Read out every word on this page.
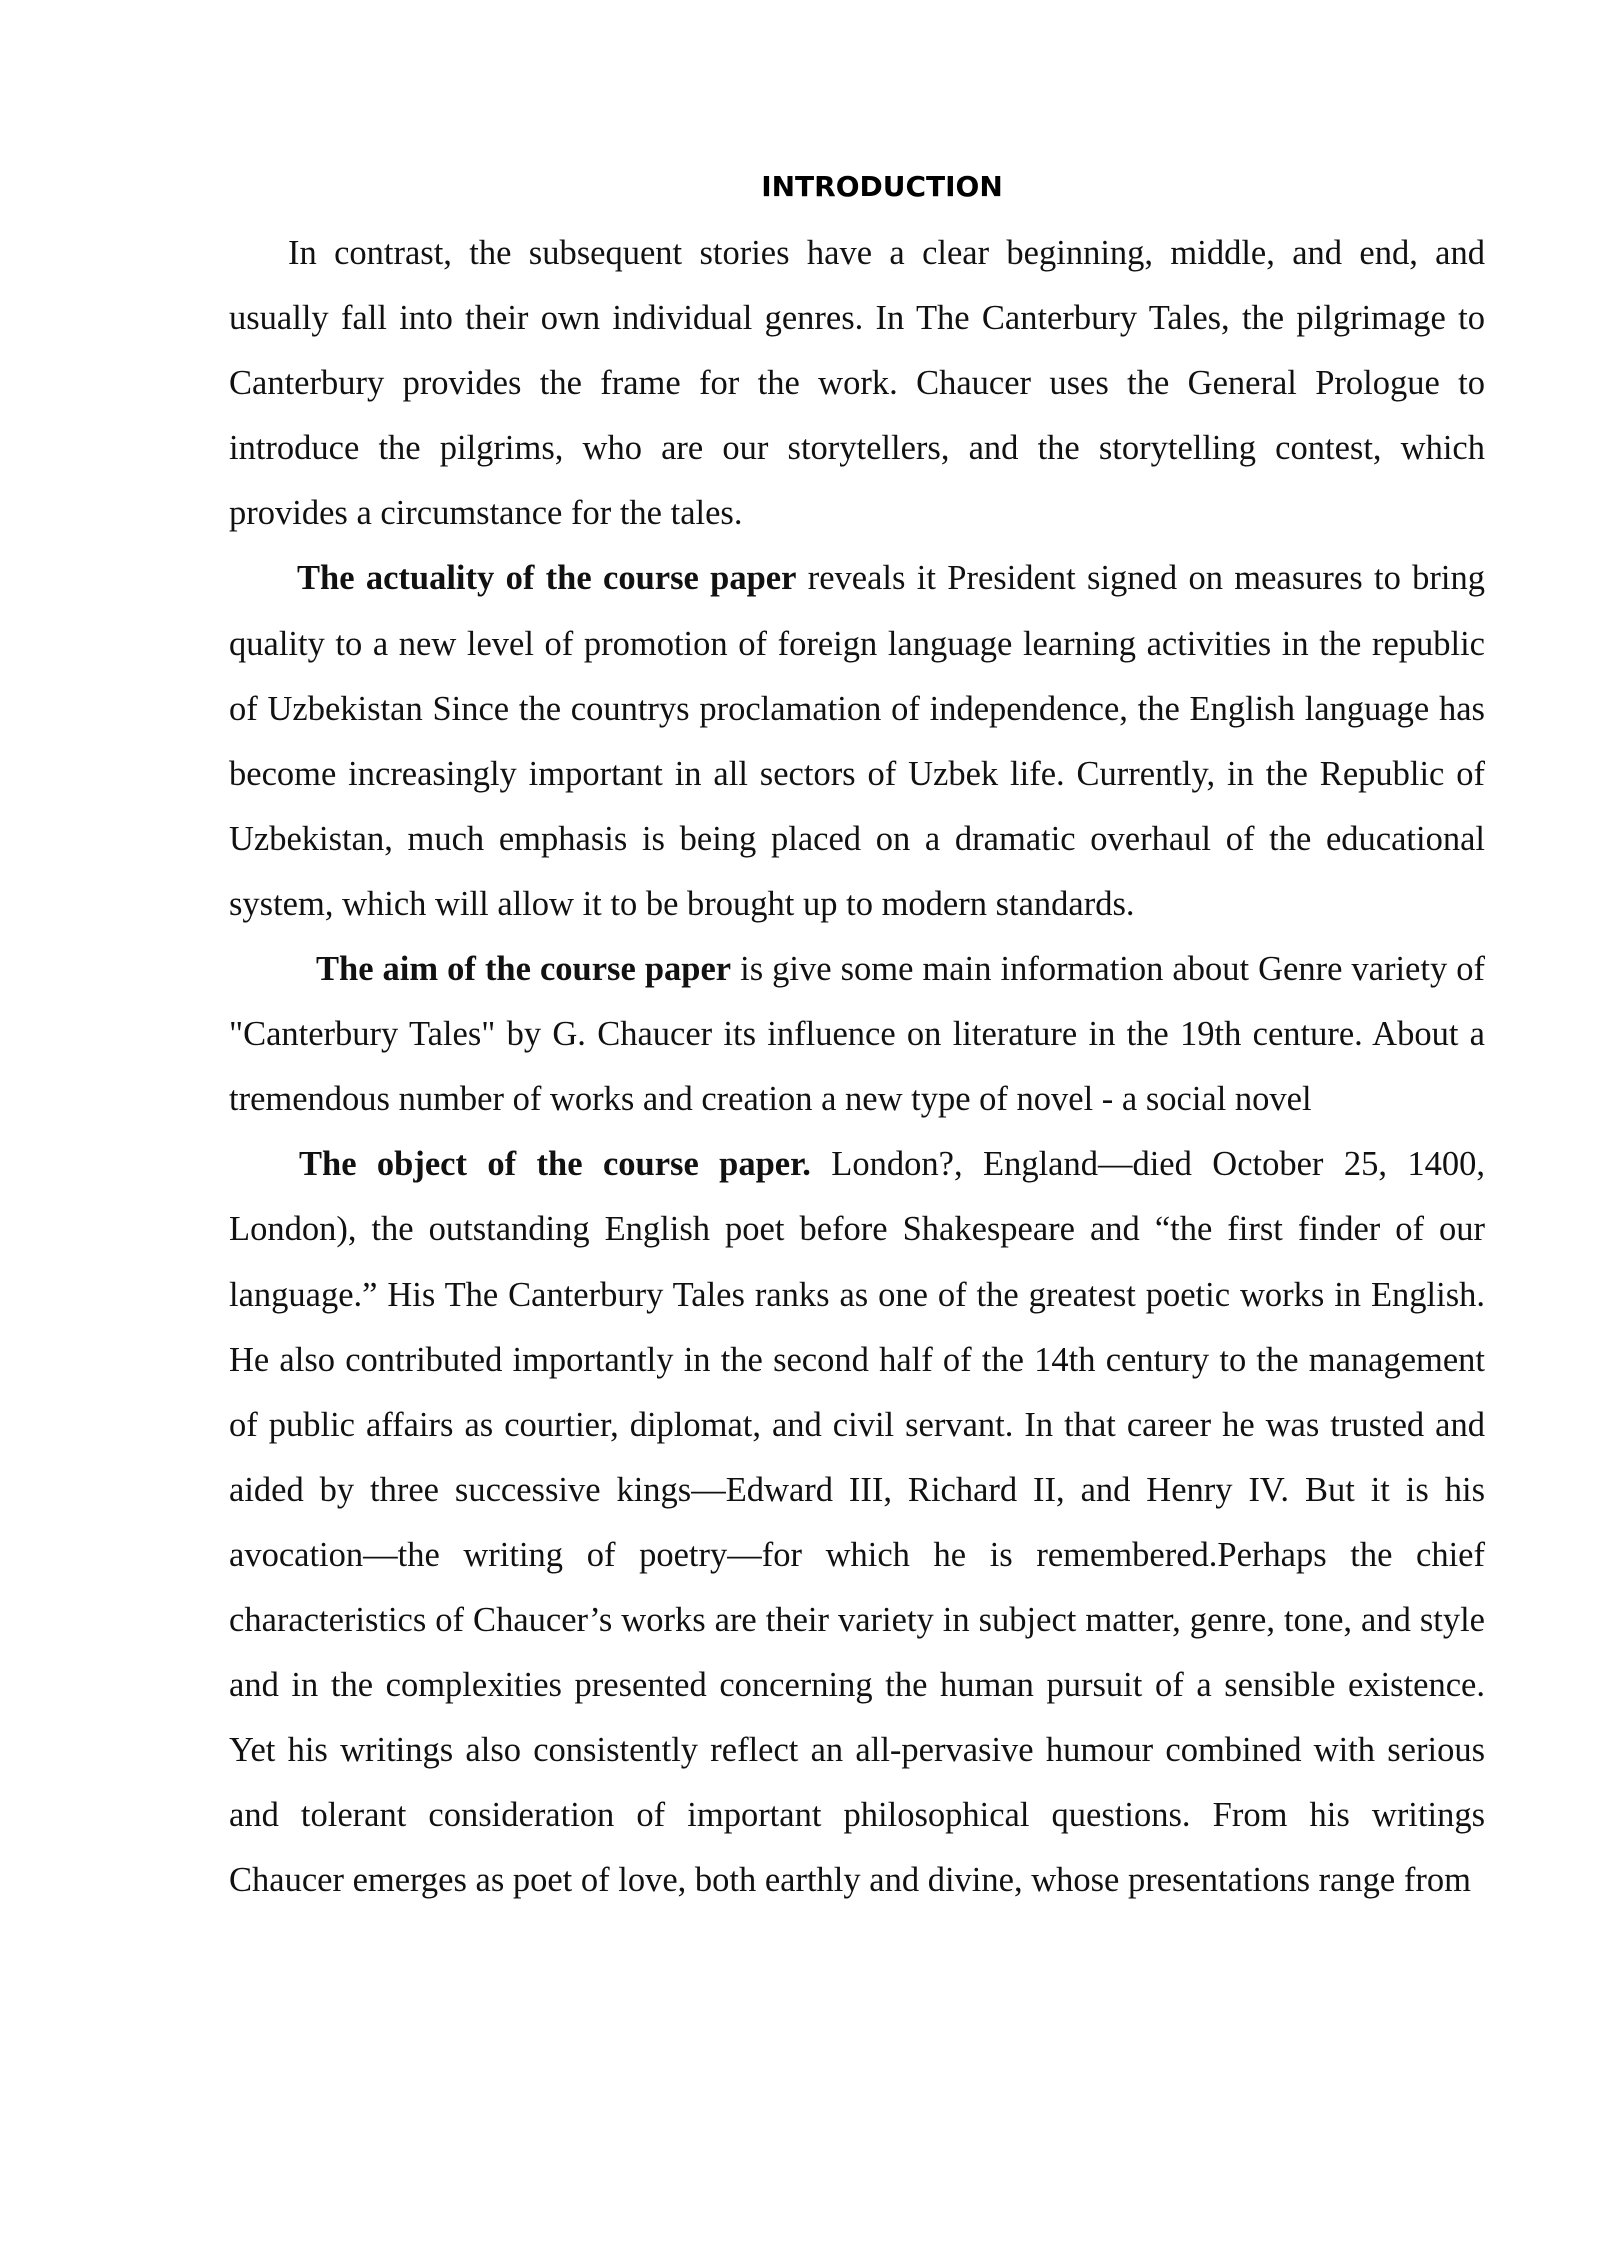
INTRODUCTION

In contrast, the subsequent stories have a clear beginning, middle, and end, and usually fall into their own individual genres. In The Canterbury Tales, the pilgrimage to Canterbury provides the frame for the work. Chaucer uses the General Prologue to introduce the pilgrims, who are our storytellers, and the storytelling contest, which provides a circumstance for the tales.

The actuality of the course paper reveals it President signed on measures to bring quality to a new level of promotion of foreign language learning activities in the republic of Uzbekistan Since the countrys proclamation of independence, the English language has become increasingly important in all sectors of Uzbek life. Currently, in the Republic of Uzbekistan, much emphasis is being placed on a dramatic overhaul of the educational system, which will allow it to be brought up to modern standards.

The aim of the course paper is give some main information about Genre variety of "Canterbury Tales" by G. Chaucer its influence on literature in the 19th centure. About a tremendous number of works and creation a new type of novel - a social novel

The object of the course paper. London?, England—died October 25, 1400, London), the outstanding English poet before Shakespeare and “the first finder of our language.” His The Canterbury Tales ranks as one of the greatest poetic works in English. He also contributed importantly in the second half of the 14th century to the management of public affairs as courtier, diplomat, and civil servant. In that career he was trusted and aided by three successive kings—Edward III, Richard II, and Henry IV. But it is his avocation—the writing of poetry—for which he is remembered.Perhaps the chief characteristics of Chaucer’s works are their variety in subject matter, genre, tone, and style and in the complexities presented concerning the human pursuit of a sensible existence. Yet his writings also consistently reflect an all-pervasive humour combined with serious and tolerant consideration of important philosophical questions. From his writings Chaucer emerges as poet of love, both earthly and divine, whose presentations range from
